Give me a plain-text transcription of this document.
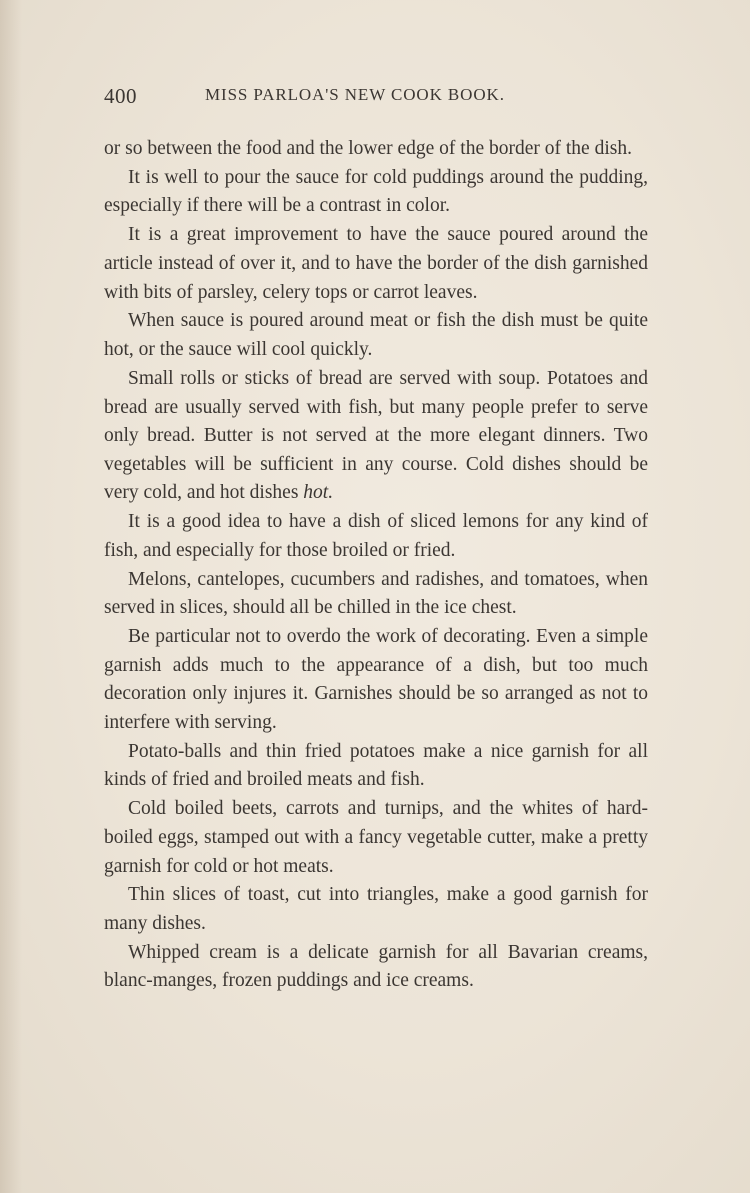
400	MISS PARLOA'S NEW COOK BOOK.

or so between the food and the lower edge of the border of the dish.

It is well to pour the sauce for cold puddings around the pudding, especially if there will be a contrast in color.

It is a great improvement to have the sauce poured around the article instead of over it, and to have the border of the dish garnished with bits of parsley, celery tops or carrot leaves.

When sauce is poured around meat or fish the dish must be quite hot, or the sauce will cool quickly.

Small rolls or sticks of bread are served with soup. Potatoes and bread are usually served with fish, but many people prefer to serve only bread. Butter is not served at the more elegant dinners. Two vegetables will be sufficient in any course. Cold dishes should be very cold, and hot dishes hot.

It is a good idea to have a dish of sliced lemons for any kind of fish, and especially for those broiled or fried.

Melons, cantelopes, cucumbers and radishes, and tomatoes, when served in slices, should all be chilled in the ice chest.

Be particular not to overdo the work of decorating. Even a simple garnish adds much to the appearance of a dish, but too much decoration only injures it. Garnishes should be so arranged as not to interfere with serving.

Potato-balls and thin fried potatoes make a nice garnish for all kinds of fried and broiled meats and fish.

Cold boiled beets, carrots and turnips, and the whites of hard-boiled eggs, stamped out with a fancy vegetable cutter, make a pretty garnish for cold or hot meats.

Thin slices of toast, cut into triangles, make a good garnish for many dishes.

Whipped cream is a delicate garnish for all Bavarian creams, blanc-manges, frozen puddings and ice creams.
